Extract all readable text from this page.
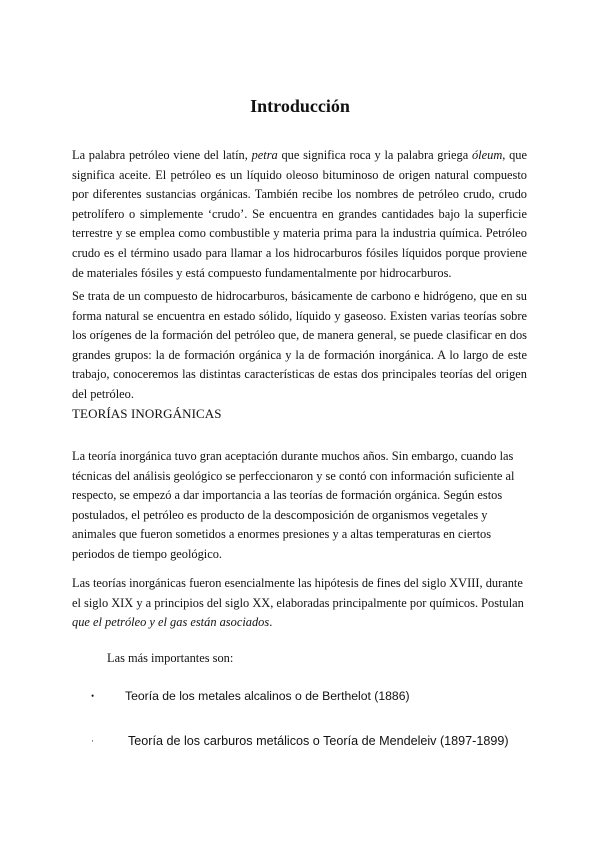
Introducción

La palabra petróleo viene del latín, petra que significa roca y la palabra griega óleum, que significa aceite. El petróleo es un líquido oleoso bituminoso de origen natural compuesto por diferentes sustancias orgánicas. También recibe los nombres de petróleo crudo, crudo petrolífero o simplemente ‘crudo’. Se encuentra en grandes cantidades bajo la superficie terrestre y se emplea como combustible y materia prima para la industria química. Petróleo crudo es el término usado para llamar a los hidrocarburos fósiles líquidos porque proviene de materiales fósiles y está compuesto fundamentalmente por hidrocarburos.

Se trata de un compuesto de hidrocarburos, básicamente de carbono e hidrógeno, que en su forma natural se encuentra en estado sólido, líquido y gaseoso. Existen varias teorías sobre los orígenes de la formación del petróleo que, de manera general, se puede clasificar en dos grandes grupos: la de formación orgánica y la de formación inorgánica. A lo largo de este trabajo, conoceremos las distintas características de estas dos principales teorías del origen del petróleo.

TEORÍAS INORGÁNICAS

La teoría inorgánica tuvo gran aceptación durante muchos años. Sin embargo, cuando las técnicas del análisis geológico se perfeccionaron y se contó con información suficiente al respecto, se empezó a dar importancia a las teorías de formación orgánica. Según estos postulados, el petróleo es producto de la descomposición de organismos vegetales y animales que fueron sometidos a enormes presiones y a altas temperaturas en ciertos periodos de tiempo geológico.

Las teorías inorgánicas fueron esencialmente las hipótesis de fines del siglo XVIII, durante el siglo XIX y a principios del siglo XX, elaboradas principalmente por químicos. Postulan que el petróleo y el gas están asociados.

Las más importantes son:
•	Teoría de los metales alcalinos o de Berthelot (1886)
·	Teoría de los carburos metálicos o Teoría de Mendeleiv (1897-1899)
